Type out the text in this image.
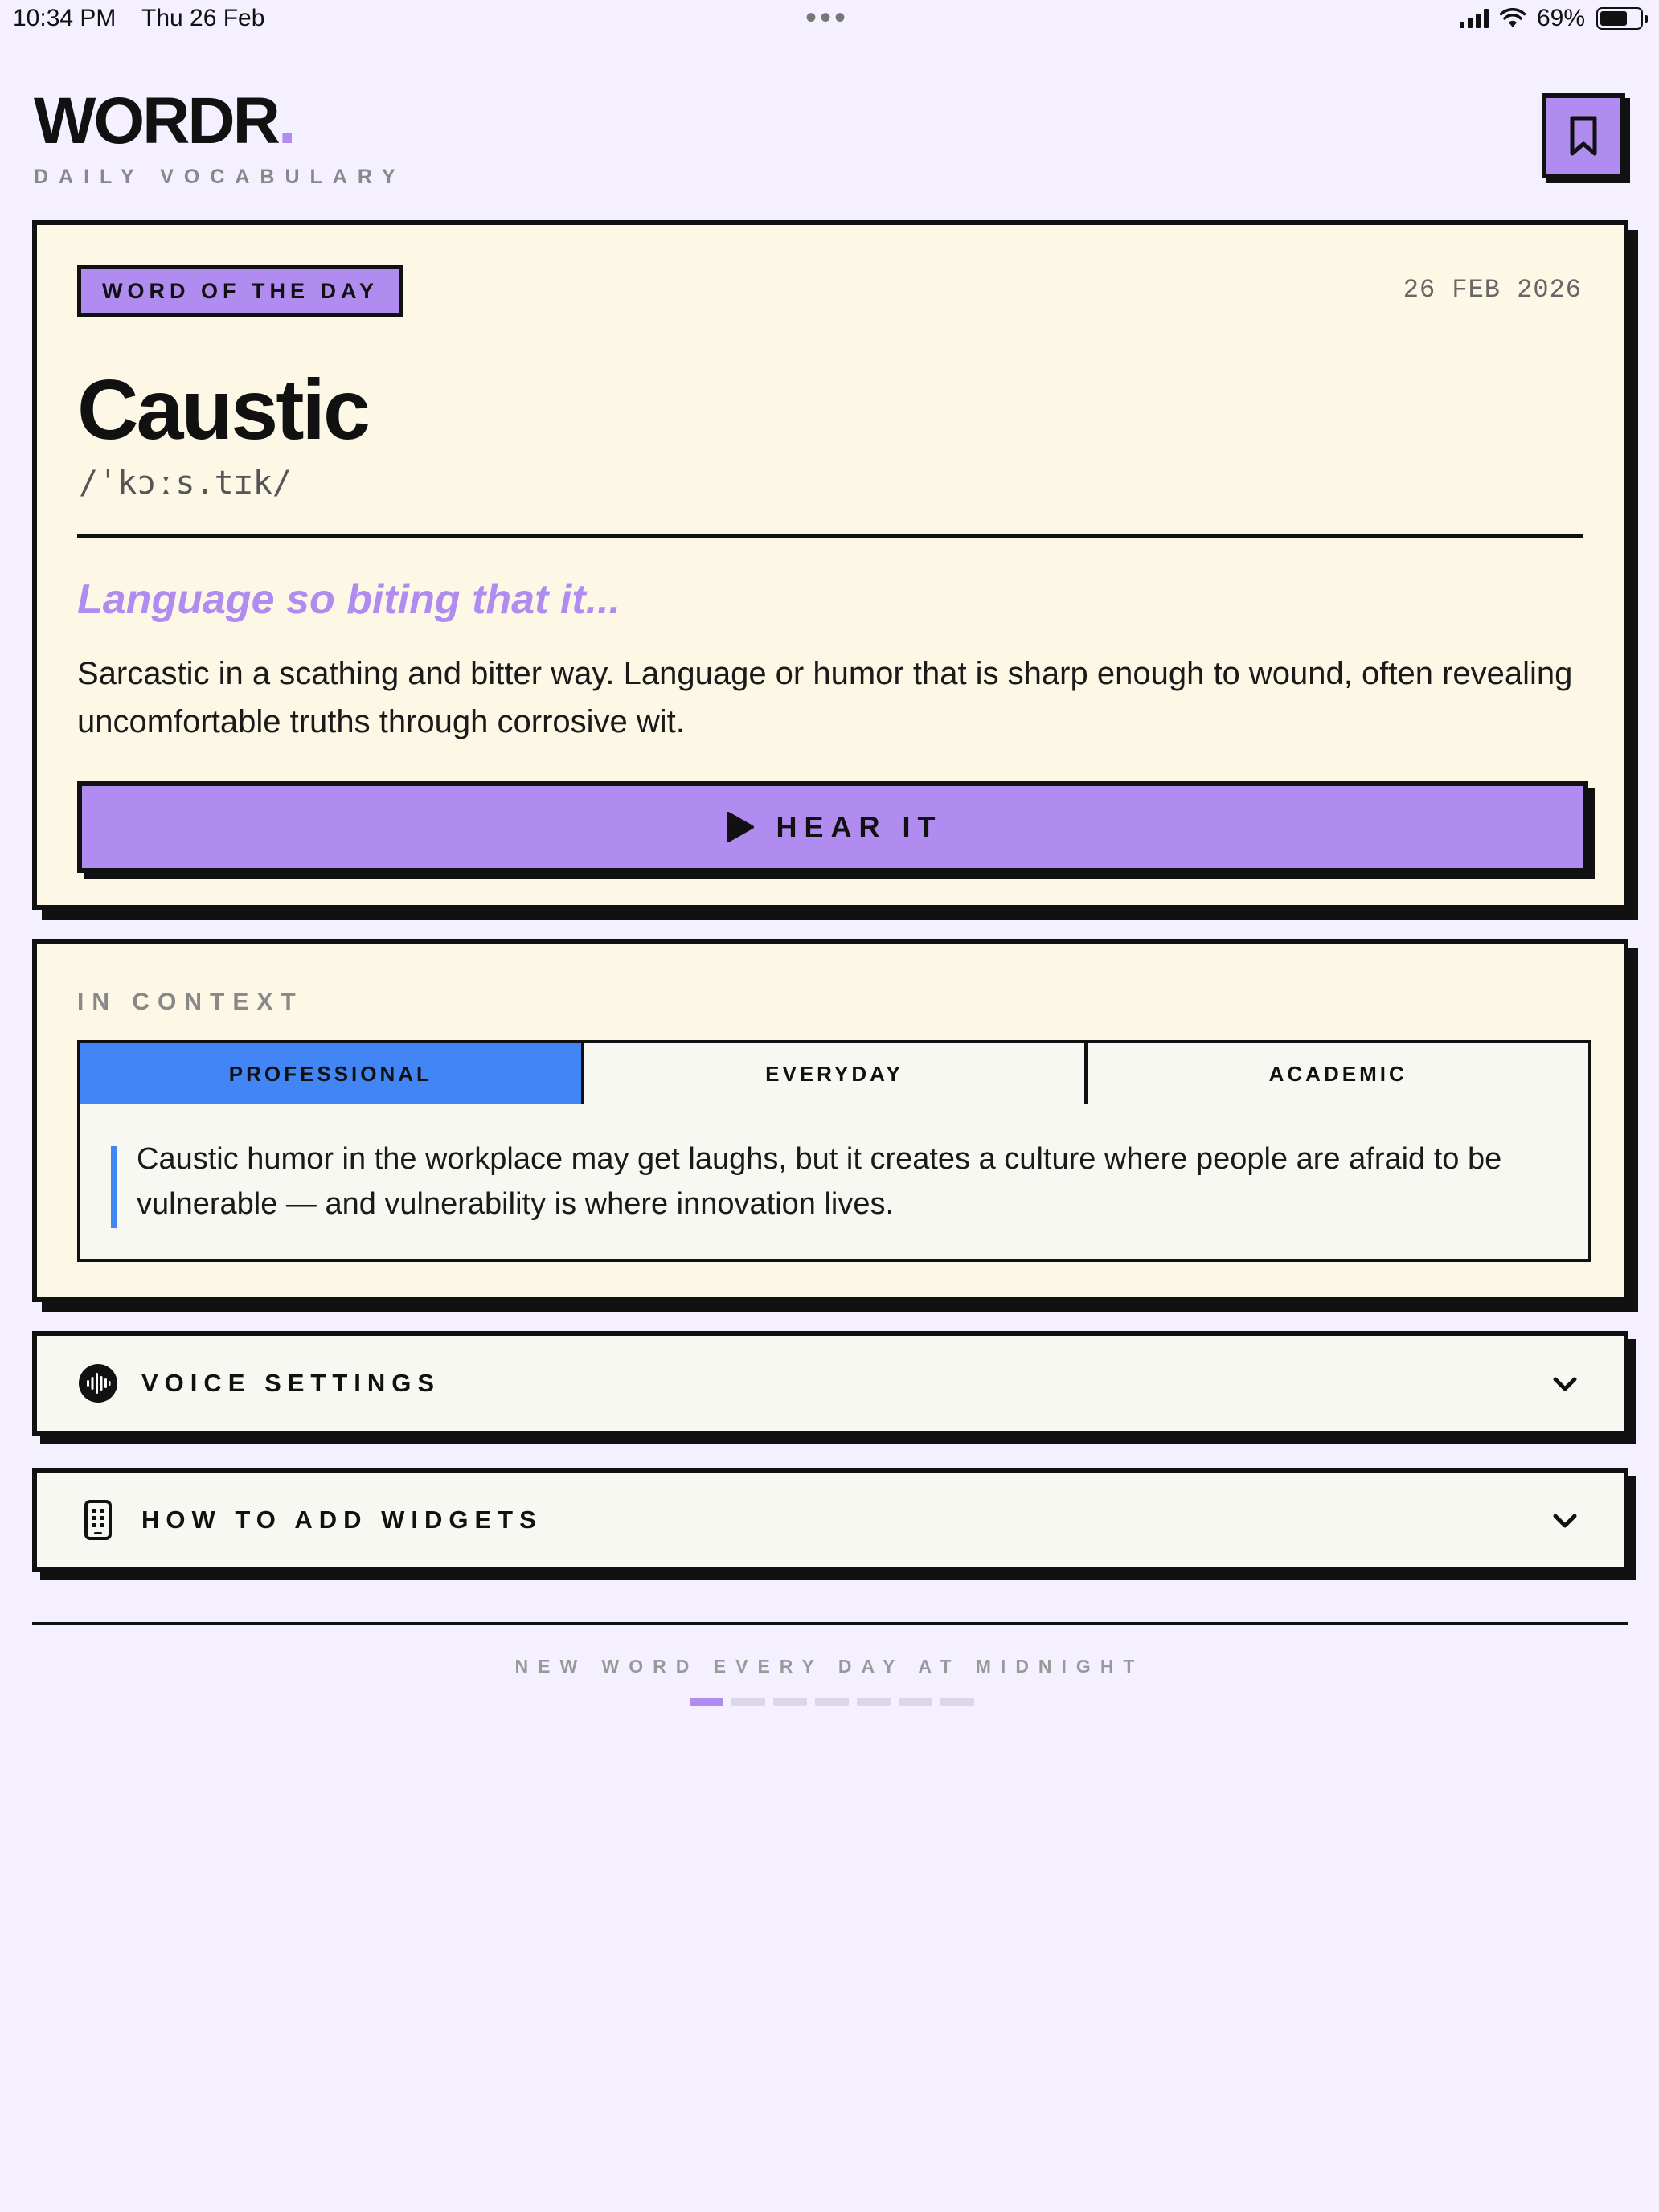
10:34 PM Thu 26 Feb	•••	69%
WORDR.
DAILY VOCABULARY
WORD OF THE DAY	26 FEB 2026
Caustic
/ˈkɔːs.tɪk/
Language so biting that it...
Sarcastic in a scathing and bitter way. Language or humor that is sharp enough to wound, often revealing uncomfortable truths through corrosive wit.
HEAR IT
IN CONTEXT
PROFESSIONAL	EVERYDAY	ACADEMIC
Caustic humor in the workplace may get laughs, but it creates a culture where people are afraid to be vulnerable — and vulnerability is where innovation lives.
VOICE SETTINGS
HOW TO ADD WIDGETS
NEW WORD EVERY DAY AT MIDNIGHT
